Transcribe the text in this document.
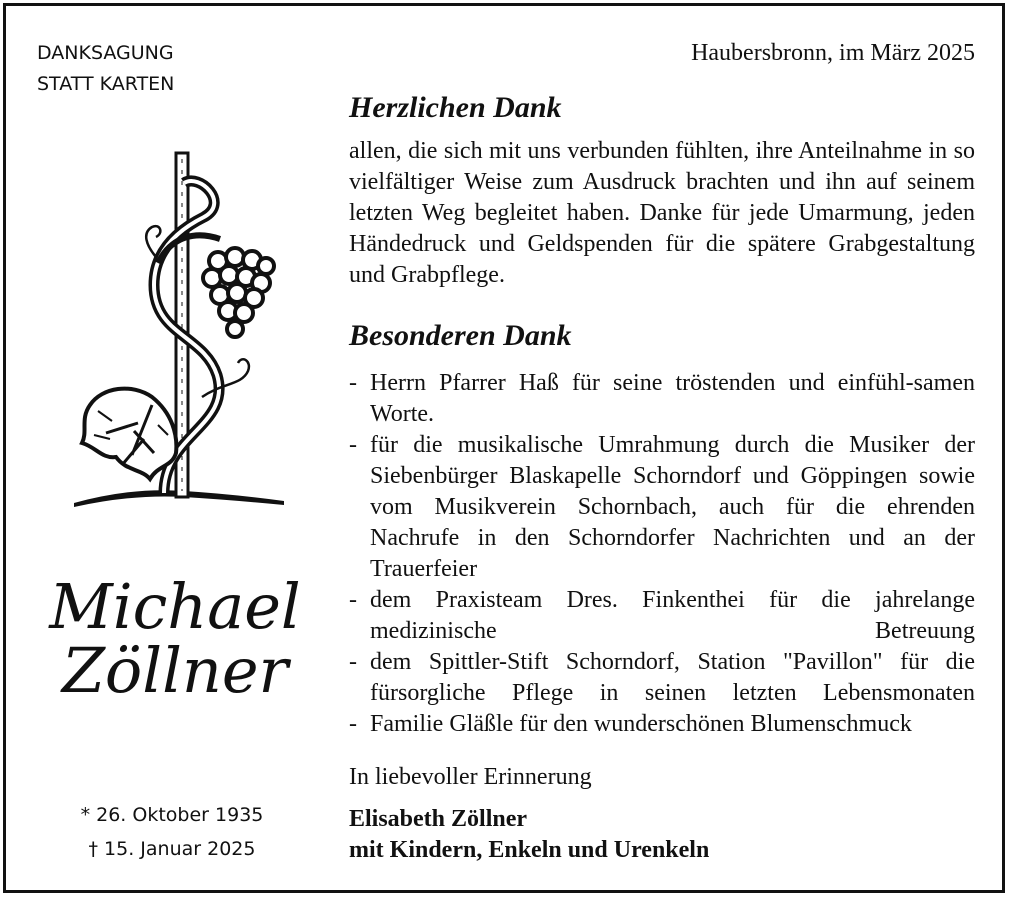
DANKSAGUNG
STATT KARTEN
Haubersbronn, im März 2025
Michael
Zöllner
* 26. Oktober 1935
† 15. Januar 2025
Herzlichen Dank
allen, die sich mit uns verbunden fühlten, ihre Anteilnahme in so vielfältiger Weise zum Ausdruck brachten und ihn auf seinem letzten Weg begleitet haben. Danke für jede Umarmung, jeden Händedruck und Geldspenden für die spätere Grabgestaltung und Grabpflege.
Besonderen Dank
- Herrn Pfarrer Haß für seine tröstenden und einfühl-samen Worte.
- für die musikalische Umrahmung durch die Musiker der Siebenbürger Blaskapelle Schorndorf und Göppingen sowie vom Musikverein Schornbach, auch für die ehrenden Nachrufe in den Schorndorfer Nachrichten und an der Trauerfeier
- dem Praxisteam Dres. Finkenthei für die jahrelange medizinische Betreuung
- dem Spittler-Stift Schorndorf, Station "Pavillon" für die fürsorgliche Pflege in seinen letzten Lebensmonaten
- Familie Gläßle für den wunderschönen Blumenschmuck
In liebevoller Erinnerung
Elisabeth Zöllner
mit Kindern, Enkeln und Urenkeln
